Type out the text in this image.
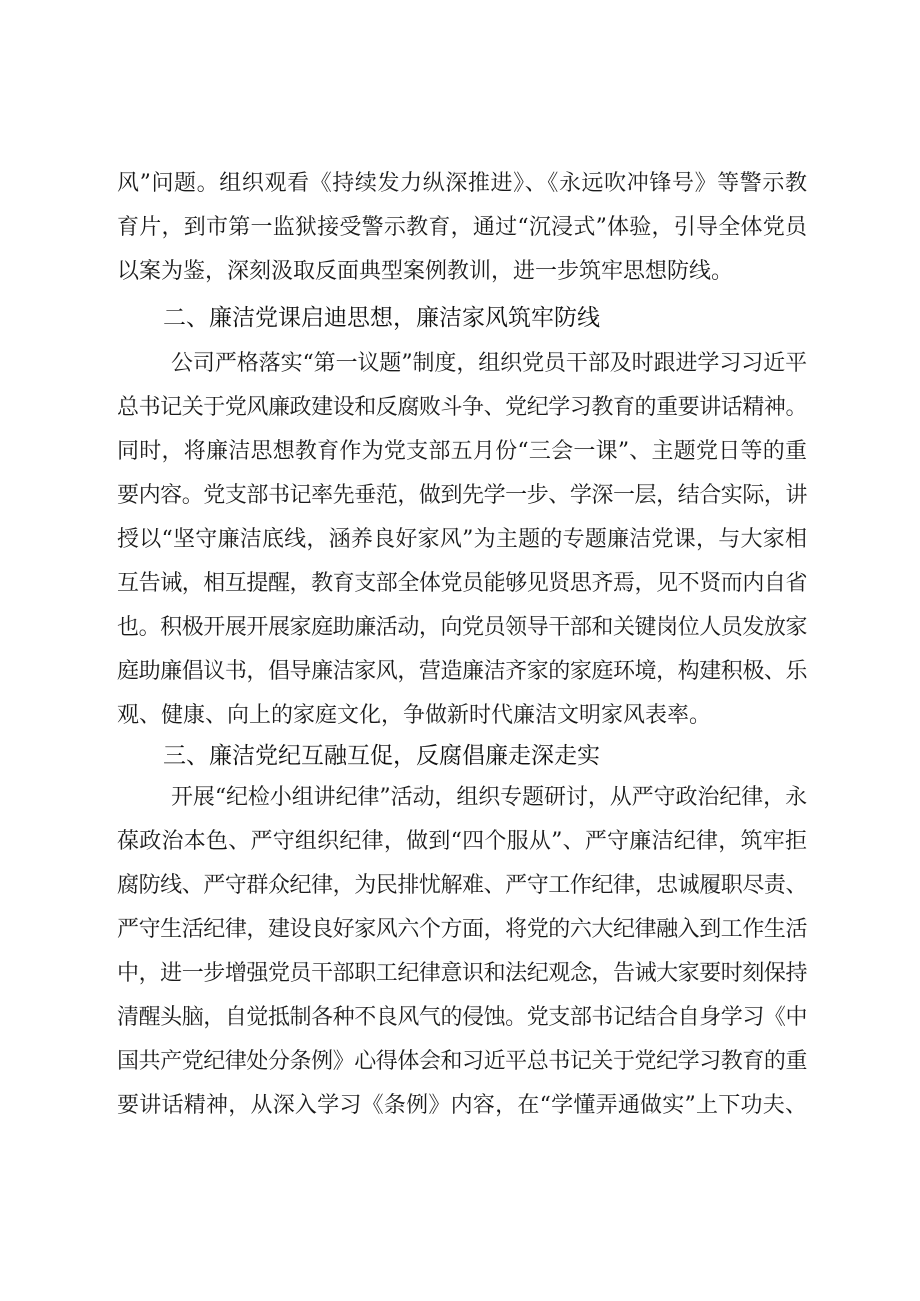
风”问题。组织观看《持续发力纵深推进》、《永远吹冲锋号》等警示教
育片，到市第一监狱接受警示教育，通过“沉浸式”体验，引导全体党员
以案为鉴，深刻汲取反面典型案例教训，进一步筑牢思想防线。
二、廉洁党课启迪思想，廉洁家风筑牢防线
公司严格落实“第一议题”制度，组织党员干部及时跟进学习习近平
总书记关于党风廉政建设和反腐败斗争、党纪学习教育的重要讲话精神。
同时，将廉洁思想教育作为党支部五月份“三会一课”、主题党日等的重
要内容。党支部书记率先垂范，做到先学一步、学深一层，结合实际，讲
授以“坚守廉洁底线，涵养良好家风”为主题的专题廉洁党课，与大家相
互告诫，相互提醒，教育支部全体党员能够见贤思齐焉，见不贤而内自省
也。积极开展开展家庭助廉活动，向党员领导干部和关键岗位人员发放家
庭助廉倡议书，倡导廉洁家风，营造廉洁齐家的家庭环境，构建积极、乐
观、健康、向上的家庭文化，争做新时代廉洁文明家风表率。
三、廉洁党纪互融互促，反腐倡廉走深走实
开展“纪检小组讲纪律”活动，组织专题研讨，从严守政治纪律，永
葆政治本色、严守组织纪律，做到“四个服从”、严守廉洁纪律，筑牢拒
腐防线、严守群众纪律，为民排忧解难、严守工作纪律，忠诚履职尽责、
严守生活纪律，建设良好家风六个方面，将党的六大纪律融入到工作生活
中，进一步增强党员干部职工纪律意识和法纪观念，告诫大家要时刻保持
清醒头脑，自觉抵制各种不良风气的侵蚀。党支部书记结合自身学习《中
国共产党纪律处分条例》心得体会和习近平总书记关于党纪学习教育的重
要讲话精神，从深入学习《条例》内容，在“学懂弄通做实”上下功夫、
